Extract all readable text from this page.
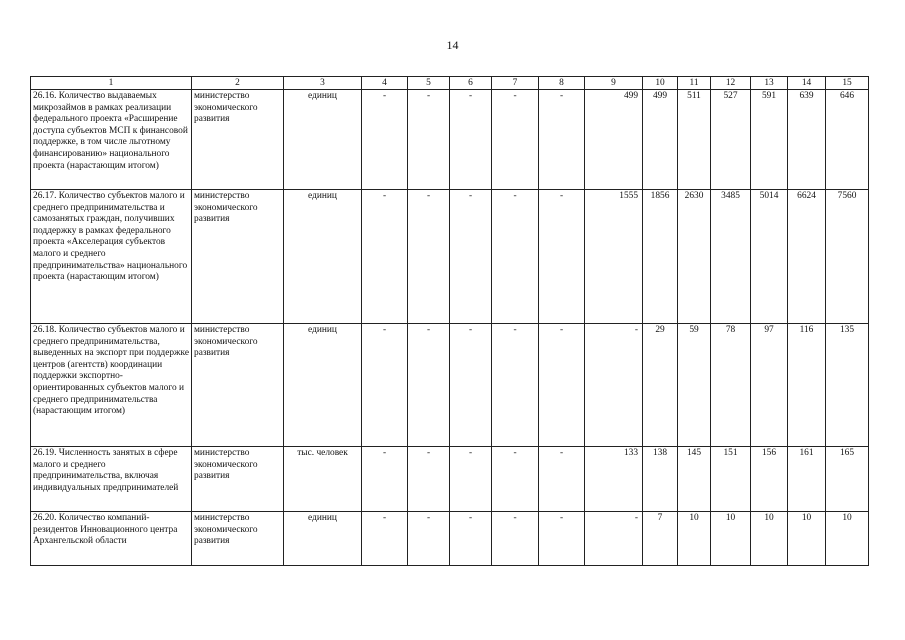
14
1	2	3	4	5	6	7	8	9	10	11	12	13	14	15
26.16. Количество выдаваемых микрозаймов в рамках реализации федерального проекта «Расширение доступа субъектов МСП к финансовой поддержке, в том числе льготному финансированию» национального проекта (нарастающим итогом)	министерство экономического развития	единиц	-	-	-	-	-	499	499	511	527	591	639	646
26.17. Количество субъектов малого и среднего предпринимательства и самозанятых граждан, получивших поддержку в рамках федерального проекта «Акселерация субъектов малого и среднего предпринимательства» национального проекта (нарастающим итогом)	министерство экономического развития	единиц	-	-	-	-	-	1555	1856	2630	3485	5014	6624	7560
26.18. Количество субъектов малого и среднего предпринимательства, выведенных на экспорт при поддержке центров (агентств) координации поддержки экспортно-ориентированных субъектов малого и среднего предпринимательства (нарастающим итогом)	министерство экономического развития	единиц	-	-	-	-	-	-	29	59	78	97	116	135
26.19. Численность занятых в сфере малого и среднего предпринимательства, включая индивидуальных предпринимателей	министерство экономического развития	тыс. человек	-	-	-	-	-	133	138	145	151	156	161	165
26.20. Количество компаний-резидентов Инновационного центра Архангельской области	министерство экономического развития	единиц	-	-	-	-	-	-	7	10	10	10	10	10
